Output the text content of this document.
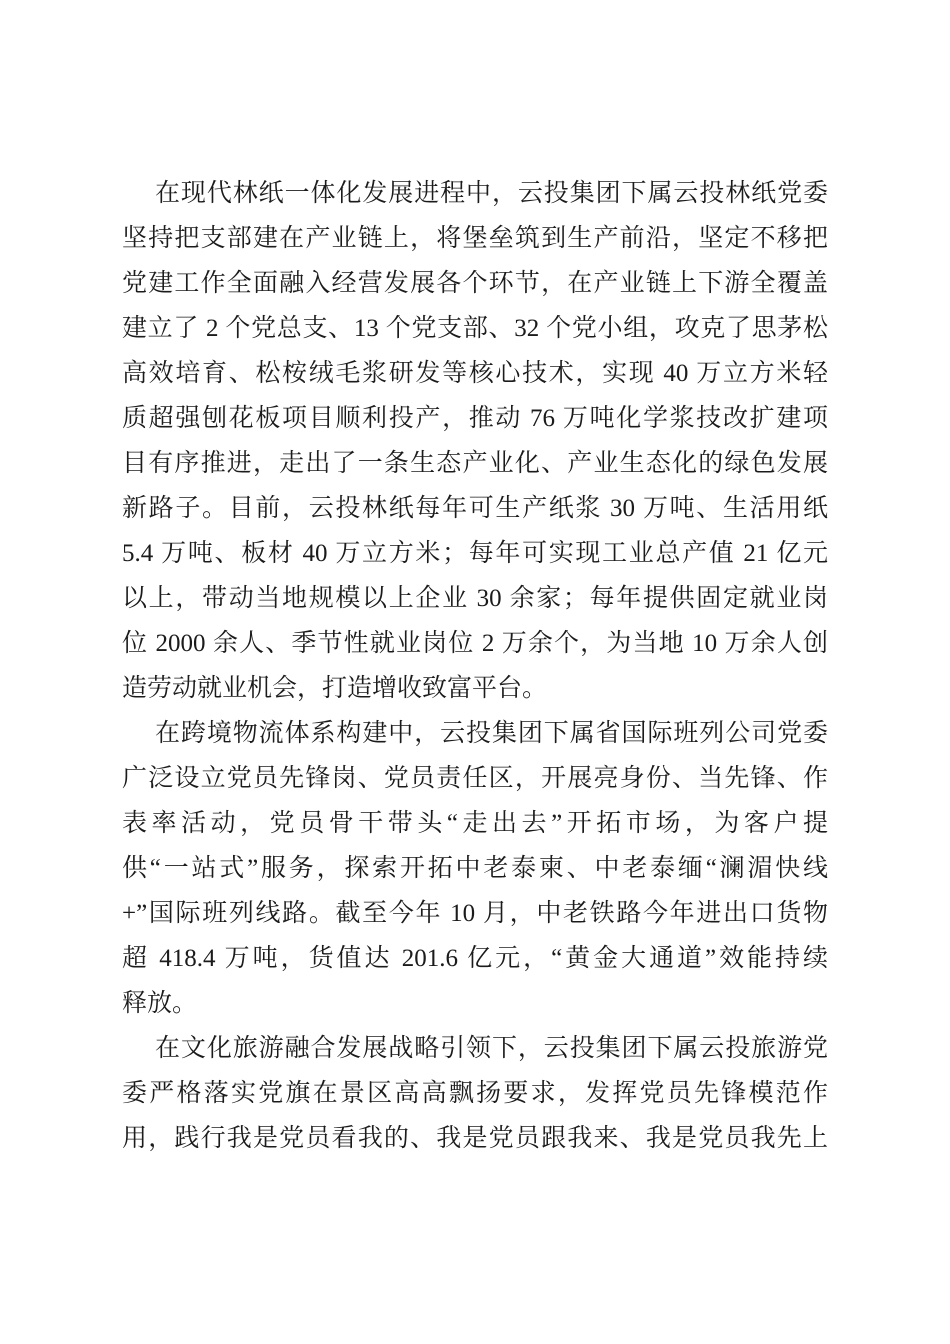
在现代林纸一体化发展进程中，云投集团下属云投林纸党委
坚持把支部建在产业链上，将堡垒筑到生产前沿，坚定不移把
党建工作全面融入经营发展各个环节，在产业链上下游全覆盖
建立了 2 个党总支、13 个党支部、32 个党小组，攻克了思茅松
高效培育、松桉绒毛浆研发等核心技术，实现 40 万立方米轻
质超强刨花板项目顺利投产，推动 76 万吨化学浆技改扩建项
目有序推进，走出了一条生态产业化、产业生态化的绿色发展
新路子。目前，云投林纸每年可生产纸浆 30 万吨、生活用纸
5.4 万吨、板材 40 万立方米；每年可实现工业总产值 21 亿元
以上，带动当地规模以上企业 30 余家；每年提供固定就业岗
位 2000 余人、季节性就业岗位 2 万余个，为当地 10 万余人创
造劳动就业机会，打造增收致富平台。
在跨境物流体系构建中，云投集团下属省国际班列公司党委
广泛设立党员先锋岗、党员责任区，开展亮身份、当先锋、作
表率活动，党员骨干带头“走出去”开拓市场，为客户提
供“一站式”服务，探索开拓中老泰柬、中老泰缅“澜湄快线
+”国际班列线路。截至今年 10 月，中老铁路今年进出口货物
超 418.4 万吨，货值达 201.6 亿元，“黄金大通道”效能持续
释放。
在文化旅游融合发展战略引领下，云投集团下属云投旅游党
委严格落实党旗在景区高高飘扬要求，发挥党员先锋模范作
用，践行我是党员看我的、我是党员跟我来、我是党员我先上
